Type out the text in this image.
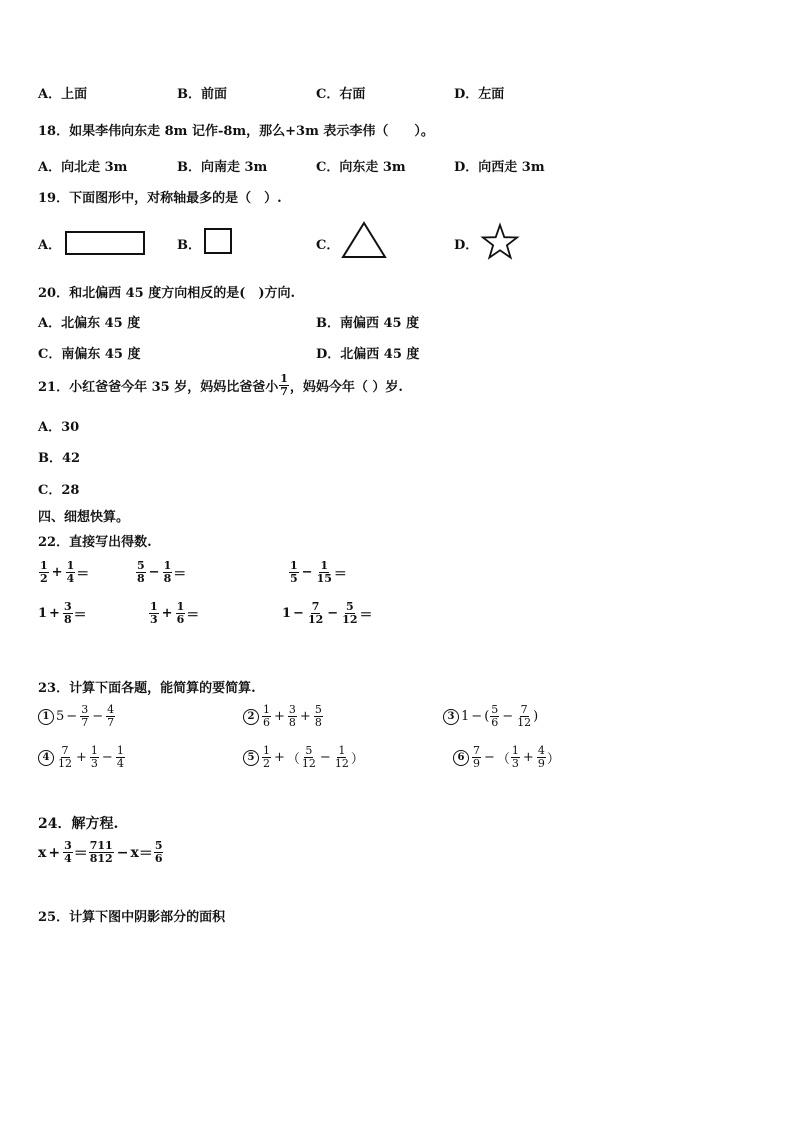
A．上面	B．前面	C．右面	D．左面
18．如果李伟向东走 8m 记作-8m，那么+3m 表示李伟（　　）。
A．向北走 3m	B．向南走 3m	C．向东走 3m	D．向西走 3m
19．下面图形中，对称轴最多的是（　）.
A．	B．	C．	D．
20．和北偏西 45 度方向相反的是(　)方向.
A．北偏东 45 度	B．南偏西 45 度
C．南偏东 45 度	D．北偏西 45 度
21．小红爸爸今年 35 岁，妈妈比爸爸小 $\frac{1}{7}$ ，妈妈今年（ ）岁.
A．30
B．42
C．28
四、细想快算。
22．直接写出得数.
$\frac{1}{2} + \frac{1}{4}$ ＝	$\frac{5}{8} - \frac{1}{8}$ ＝	$\frac{1}{5} - \frac{1}{15}$ ＝
$1 + \frac{3}{8}$ ＝	$\frac{1}{3} + \frac{1}{6}$ ＝	$1 - \frac{7}{12} - \frac{5}{12}$ ＝
23．计算下面各题，能简算的要简算.
1 $5 - \frac{3}{7} - \frac{4}{7}$	$2 \frac{1}{6} + \frac{3}{8} + \frac{5}{8}$	3 1 − ( $\frac{5}{6} - \frac{7}{12}$ )
$4 \frac{7}{12} + \frac{1}{3} - \frac{1}{4}$	$5 \frac{1}{2}$ + （ $\frac{5}{12} - \frac{1}{12}$ ）	$6 \frac{7}{9}$ − （ $\frac{1}{3} + \frac{4}{9}$ ）
24．解方程.
$x + \frac{3}{4} = \frac{711}{812} - x = \frac{5}{6}$
25．计算下图中阴影部分的面积
